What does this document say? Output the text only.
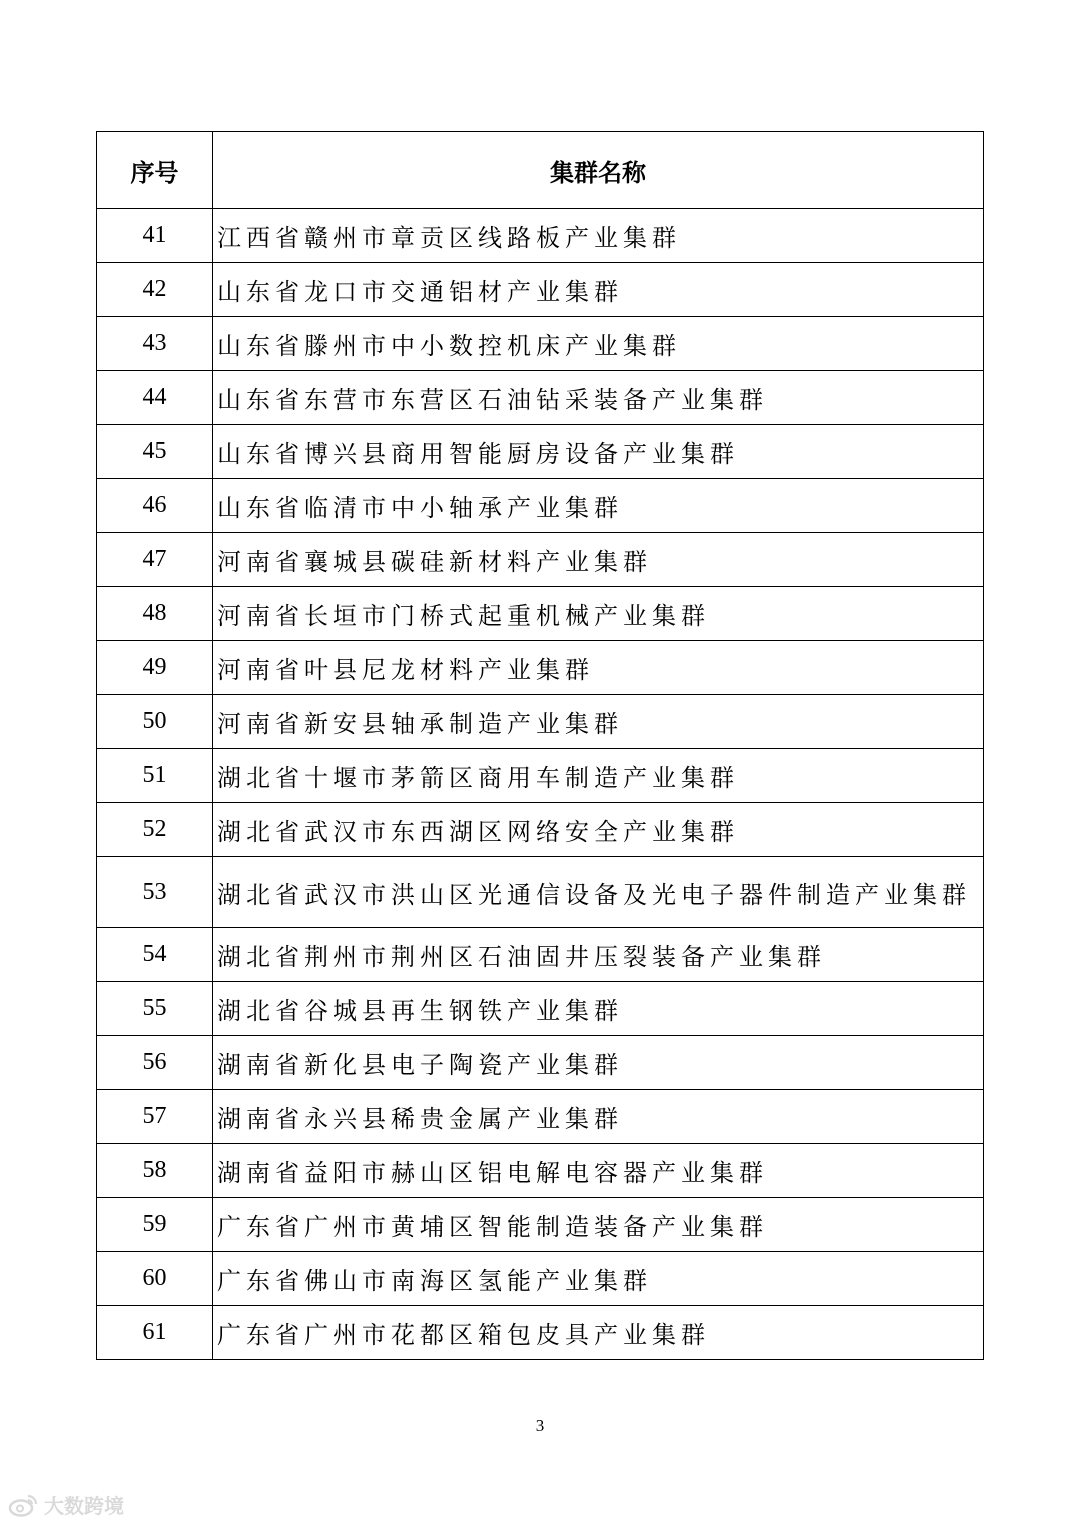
序号	集群名称
41	江西省赣州市章贡区线路板产业集群
42	山东省龙口市交通铝材产业集群
43	山东省滕州市中小数控机床产业集群
44	山东省东营市东营区石油钻采装备产业集群
45	山东省博兴县商用智能厨房设备产业集群
46	山东省临清市中小轴承产业集群
47	河南省襄城县碳硅新材料产业集群
48	河南省长垣市门桥式起重机械产业集群
49	河南省叶县尼龙材料产业集群
50	河南省新安县轴承制造产业集群
51	湖北省十堰市茅箭区商用车制造产业集群
52	湖北省武汉市东西湖区网络安全产业集群
53	湖北省武汉市洪山区光通信设备及光电子器件制造产业集群
54	湖北省荆州市荆州区石油固井压裂装备产业集群
55	湖北省谷城县再生钢铁产业集群
56	湖南省新化县电子陶瓷产业集群
57	湖南省永兴县稀贵金属产业集群
58	湖南省益阳市赫山区铝电解电容器产业集群
59	广东省广州市黄埔区智能制造装备产业集群
60	广东省佛山市南海区氢能产业集群
61	广东省广州市花都区箱包皮具产业集群
3
大数跨境
